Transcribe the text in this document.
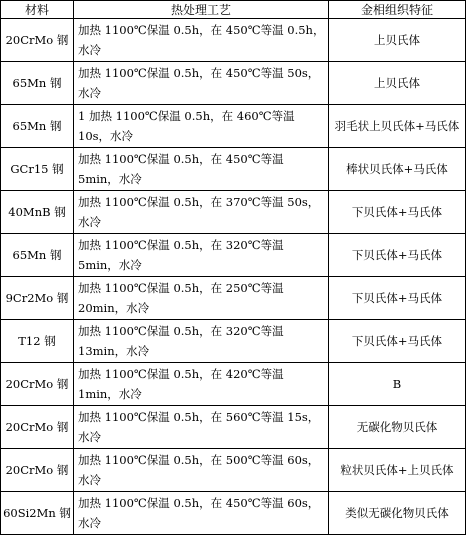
材料	热处理工艺	金相组织特征
20CrMo 钢	加热 1100℃保温 0.5h，在 450℃等温 0.5h，水冷	上贝氏体
65Mn 钢	加热 1100℃保温 0.5h，在 450℃等温 50s，水冷	上贝氏体
65Mn 钢	1 加热 1100℃保温 0.5h，在 460℃等温 10s，水冷	羽毛状上贝氏体+马氏体
GCr15 钢	加热 1100℃保温 0.5h，在 450℃等温 5min，水冷	棒状贝氏体+马氏体
40MnB 钢	加热 1100℃保温 0.5h，在 370℃等温 50s，水冷	下贝氏体+马氏体
65Mn 钢	加热 1100℃保温 0.5h，在 320℃等温 5min，水冷	下贝氏体+马氏体
9Cr2Mo 钢	加热 1100℃保温 0.5h，在 250℃等温 20min，水冷	下贝氏体+马氏体
T12 钢	加热 1100℃保温 0.5h，在 320℃等温 13min，水冷	下贝氏体+马氏体
20CrMo 钢	加热 1100℃保温 0.5h，在 420℃等温 1min，水冷	B
20CrMo 钢	加热 1100℃保温 0.5h，在 560℃等温 15s，水冷	无碳化物贝氏体
20CrMo 钢	加热 1100℃保温 0.5h，在 500℃等温 60s，水冷	粒状贝氏体+上贝氏体
60Si2Mn 钢	加热 1100℃保温 0.5h，在 450℃等温 60s，水冷	类似无碳化物贝氏体
